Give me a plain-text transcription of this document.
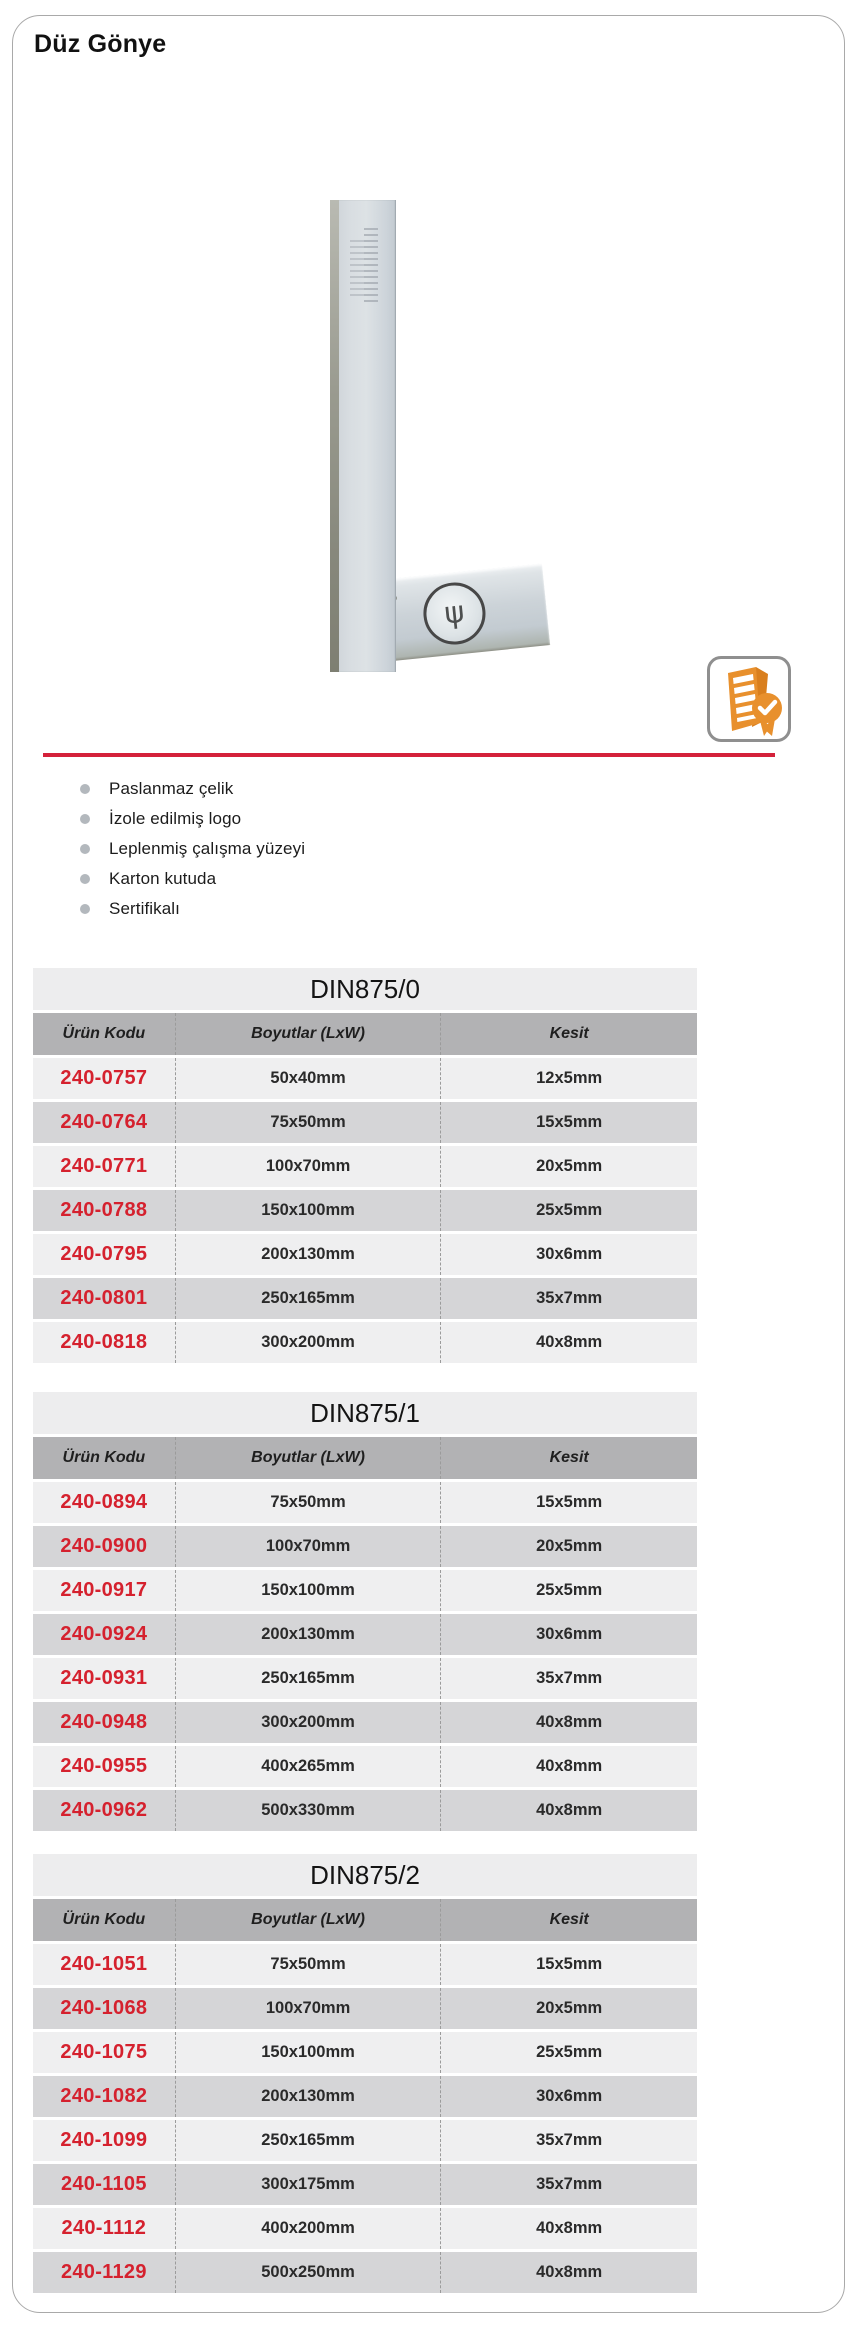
Düz Gönye
ψ
Paslanmaz çelik
İzole edilmiş logo
Leplenmiş çalışma yüzeyi
Karton kutuda
Sertifikalı
DIN875/0
Ürün Kodu	Boyutlar (LxW)	Kesit
240-0757	50x40mm	12x5mm
240-0764	75x50mm	15x5mm
240-0771	100x70mm	20x5mm
240-0788	150x100mm	25x5mm
240-0795	200x130mm	30x6mm
240-0801	250x165mm	35x7mm
240-0818	300x200mm	40x8mm
DIN875/1
Ürün Kodu	Boyutlar (LxW)	Kesit
240-0894	75x50mm	15x5mm
240-0900	100x70mm	20x5mm
240-0917	150x100mm	25x5mm
240-0924	200x130mm	30x6mm
240-0931	250x165mm	35x7mm
240-0948	300x200mm	40x8mm
240-0955	400x265mm	40x8mm
240-0962	500x330mm	40x8mm
DIN875/2
Ürün Kodu	Boyutlar (LxW)	Kesit
240-1051	75x50mm	15x5mm
240-1068	100x70mm	20x5mm
240-1075	150x100mm	25x5mm
240-1082	200x130mm	30x6mm
240-1099	250x165mm	35x7mm
240-1105	300x175mm	35x7mm
240-1112	400x200mm	40x8mm
240-1129	500x250mm	40x8mm
